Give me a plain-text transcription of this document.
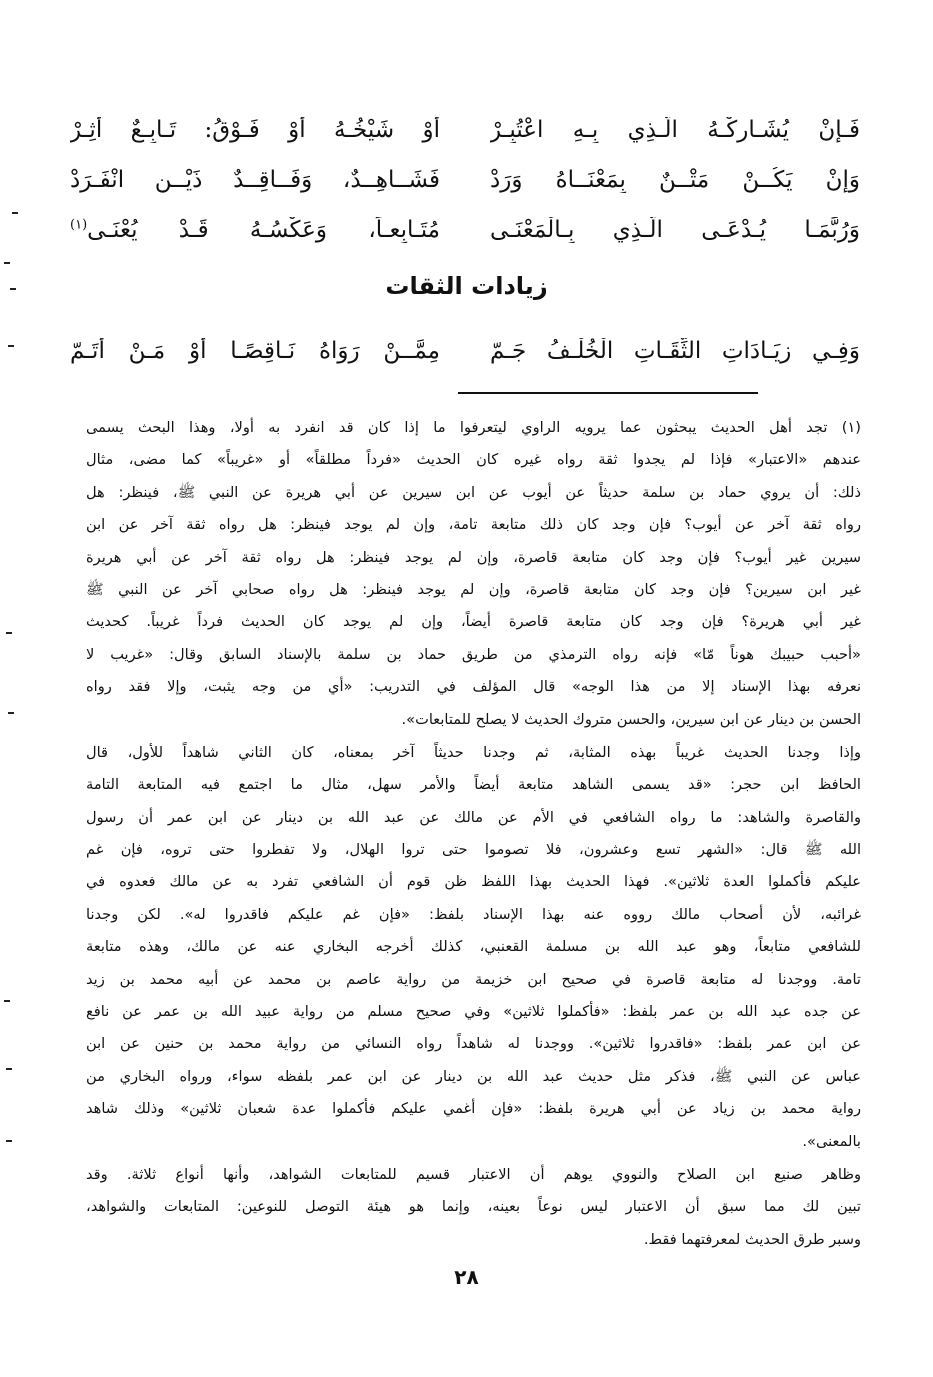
فَـإِنْ يُشَـارِكْـهُ الَّـذِي بِـهِ اعْتُبِـرْ
أَوْ شَيْخُـهُ أَوْ فَـوْقُ: تَـابِـعٌ أُثِـرْ
وَإِنْ يَكُــنْ مَتْــنٌ بِمَعْنَــاهُ وَرَدْ
فَشَــاهِــدٌ، وَفَــاقِــدٌ ذَيْــنِ انْفَـرَدْ
وَرُبَّمَـا يُـدْعَـى الَّـذِي بِـالْمَعْنَـى
مُتَـابِعـاً، وَعَكْسُـهُ قَـدْ يُعْنَـى$^{(١)}$
زيادات الثقات
وَفِـي زِيَـادَاتِ الثِّقَـاتِ الْخُلْـفُ جَـمّ
مِمَّــنْ رَوَاهُ نَـاقِصًـا أَوْ مَـنْ أَتَـمّ
(١) تجد أهل الحديث يبحثون عما يرويه الراوي ليتعرفوا ما إذا كان قد انفرد به أولا، وهذا البحث يسمى
عندهم «الاعتبار» فإذا لم يجدوا ثقة رواه غيره كان الحديث «فرداً مطلقاً» أو «غريباً» كما مضى، مثال
ذلك: أن يروي حماد بن سلمة حديثاً عن أيوب عن ابن سيرين عن أبي هريرة عن النبي ﷺ، فينظر: هل
رواه ثقة آخر عن أيوب؟ فإن وجد كان ذلك متابعة تامة، وإن لم يوجد فينظر: هل رواه ثقة آخر عن ابن
سيرين غير أيوب؟ فإن وجد كان متابعة قاصرة، وإن لم يوجد فينظر: هل رواه ثقة آخر عن أبي هريرة
غير ابن سيرين؟ فإن وجد كان متابعة قاصرة، وإن لم يوجد فينظر: هل رواه صحابي آخر عن النبي ﷺ
غير أبي هريرة؟ فإن وجد كان متابعة قاصرة أيضاً، وإن لم يوجد كان الحديث فرداً غريباً. كحديث
«أحبب حبيبك هوناً مّا» فإنه رواه الترمذي من طريق حماد بن سلمة بالإسناد السابق وقال: «غريب لا
نعرفه بهذا الإسناد إلا من هذا الوجه» قال المؤلف في التدريب: «أي من وجه يثبت، وإلا فقد رواه
الحسن بن دينار عن ابن سيرين، والحسن متروك الحديث لا يصلح للمتابعات».
وإذا وجدنا الحديث غريباً بهذه المثابة، ثم وجدنا حديثاً آخر بمعناه، كان الثاني شاهداً للأول، قال
الحافظ ابن حجر: «قد يسمى الشاهد متابعة أيضاً والأمر سهل، مثال ما اجتمع فيه المتابعة التامة
والقاصرة والشاهد: ما رواه الشافعي في الأم عن مالك عن عبد الله بن دينار عن ابن عمر أن رسول
الله ﷺ قال: «الشهر تسع وعشرون، فلا تصوموا حتى تروا الهلال، ولا تفطروا حتى تروه، فإن غم
عليكم فأكملوا العدة ثلاثين». فهذا الحديث بهذا اللفظ ظن قوم أن الشافعي تفرد به عن مالك فعدوه في
غرائبه، لأن أصحاب مالك رووه عنه بهذا الإسناد بلفظ: «فإن غم عليكم فاقدروا له». لكن وجدنا
للشافعي متابعاً، وهو عبد الله بن مسلمة القعنبي، كذلك أخرجه البخاري عنه عن مالك، وهذه متابعة
تامة. ووجدنا له متابعة قاصرة في صحيح ابن خزيمة من رواية عاصم بن محمد عن أبيه محمد بن زيد
عن جده عبد الله بن عمر بلفظ: «فأكملوا ثلاثين» وفي صحيح مسلم من رواية عبيد الله بن عمر عن نافع
عن ابن عمر بلفظ: «فاقدروا ثلاثين». ووجدنا له شاهداً رواه النسائي من رواية محمد بن حنين عن ابن
عباس عن النبي ﷺ، فذكر مثل حديث عبد الله بن دينار عن ابن عمر بلفظه سواء، ورواه البخاري من
رواية محمد بن زياد عن أبي هريرة بلفظ: «فإن أغمي عليكم فأكملوا عدة شعبان ثلاثين» وذلك شاهد
بالمعنى».
وظاهر صنيع ابن الصلاح والنووي يوهم أن الاعتبار قسيم للمتابعات الشواهد، وأنها أنواع ثلاثة. وقد
تبين لك مما سبق أن الاعتبار ليس نوعاً بعينه، وإنما هو هيئة التوصل للنوعين: المتابعات والشواهد،
وسبر طرق الحديث لمعرفتهما فقط.
٢٨
